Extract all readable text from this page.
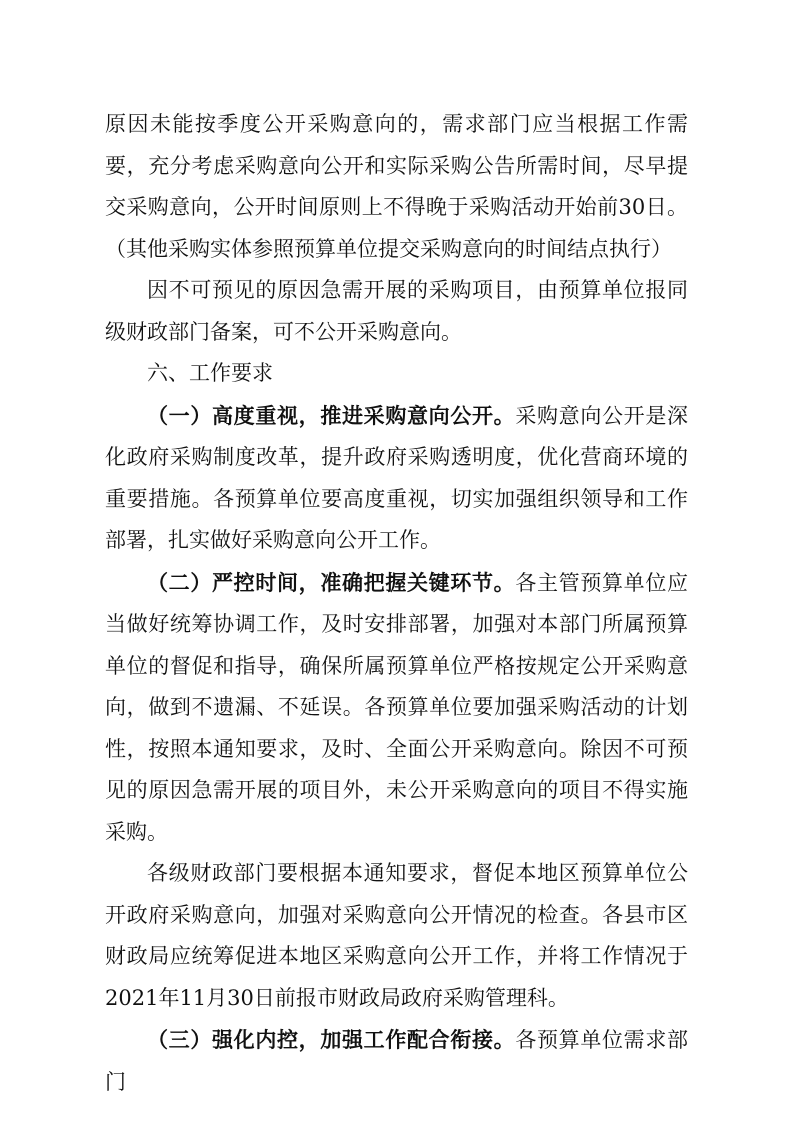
原因未能按季度公开采购意向的，需求部门应当根据工作需要，充分考虑采购意向公开和实际采购公告所需时间，尽早提交采购意向，公开时间原则上不得晚于采购活动开始前30日。（其他采购实体参照预算单位提交采购意向的时间结点执行）

因不可预见的原因急需开展的采购项目，由预算单位报同级财政部门备案，可不公开采购意向。

六、工作要求

（一）高度重视，推进采购意向公开。采购意向公开是深化政府采购制度改革，提升政府采购透明度，优化营商环境的重要措施。各预算单位要高度重视，切实加强组织领导和工作部署，扎实做好采购意向公开工作。

（二）严控时间，准确把握关键环节。各主管预算单位应当做好统筹协调工作，及时安排部署，加强对本部门所属预算单位的督促和指导，确保所属预算单位严格按规定公开采购意向，做到不遗漏、不延误。各预算单位要加强采购活动的计划性，按照本通知要求，及时、全面公开采购意向。除因不可预见的原因急需开展的项目外，未公开采购意向的项目不得实施采购。

各级财政部门要根据本通知要求，督促本地区预算单位公开政府采购意向，加强对采购意向公开情况的检查。各县市区财政局应统筹促进本地区采购意向公开工作，并将工作情况于2021年11月30日前报市财政局政府采购管理科。

（三）强化内控，加强工作配合衔接。各预算单位需求部门
